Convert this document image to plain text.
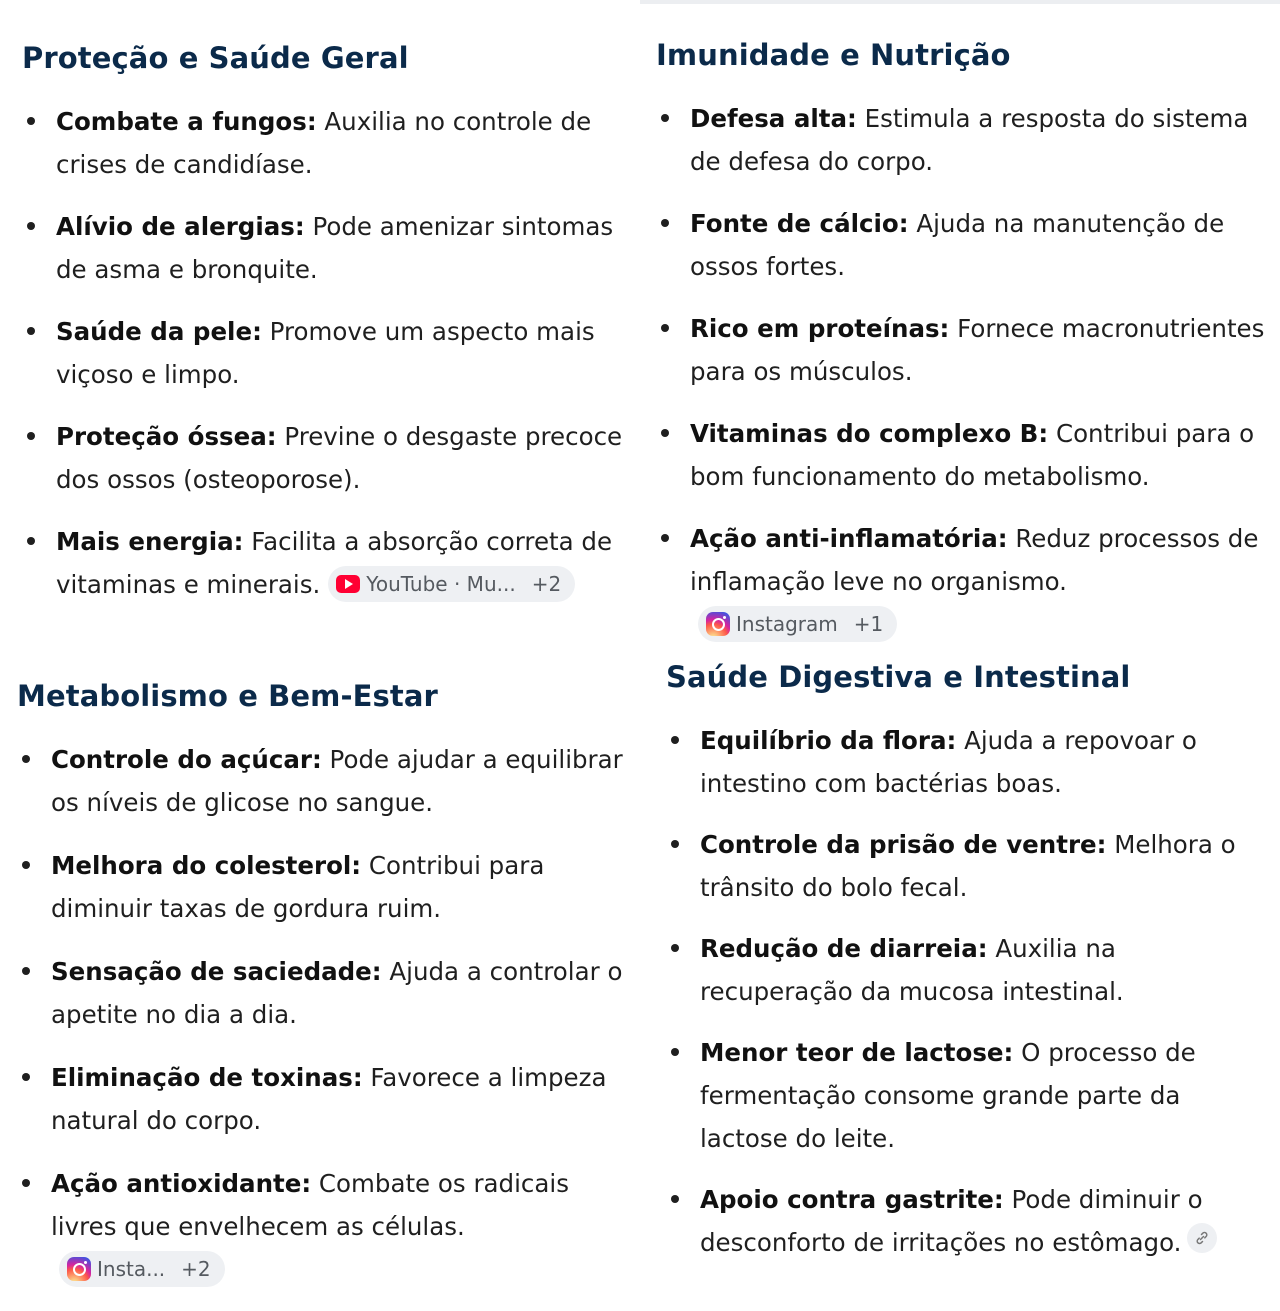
Proteção e Saúde Geral
Combate a fungos: Auxilia no controle de crises de candidíase.
Alívio de alergias: Pode amenizar sintomas de asma e bronquite.
Saúde da pele: Promove um aspecto mais viçoso e limpo.
Proteção óssea: Previne o desgaste precoce dos ossos (osteoporose).
Mais energia: Facilita a absorção correta de vitaminas e minerais. YouTube · Mu... +2
Imunidade e Nutrição
Defesa alta: Estimula a resposta do sistema de defesa do corpo.
Fonte de cálcio: Ajuda na manutenção de ossos fortes.
Rico em proteínas: Fornece macronutrientes para os músculos.
Vitaminas do complexo B: Contribui para o bom funcionamento do metabolismo.
Ação anti-inflamatória: Reduz processos de inflamação leve no organismo.
Instagram +1
Metabolismo e Bem-Estar
Controle do açúcar: Pode ajudar a equilibrar os níveis de glicose no sangue.
Melhora do colesterol: Contribui para diminuir taxas de gordura ruim.
Sensação de saciedade: Ajuda a controlar o apetite no dia a dia.
Eliminação de toxinas: Favorece a limpeza natural do corpo.
Ação antioxidante: Combate os radicais livres que envelhecem as células.
Insta... +2
Saúde Digestiva e Intestinal
Equilíbrio da flora: Ajuda a repovoar o intestino com bactérias boas.
Controle da prisão de ventre: Melhora o trânsito do bolo fecal.
Redução de diarreia: Auxilia na recuperação da mucosa intestinal.
Menor teor de lactose: O processo de fermentação consome grande parte da lactose do leite.
Apoio contra gastrite: Pode diminuir o desconforto de irritações no estômago.
